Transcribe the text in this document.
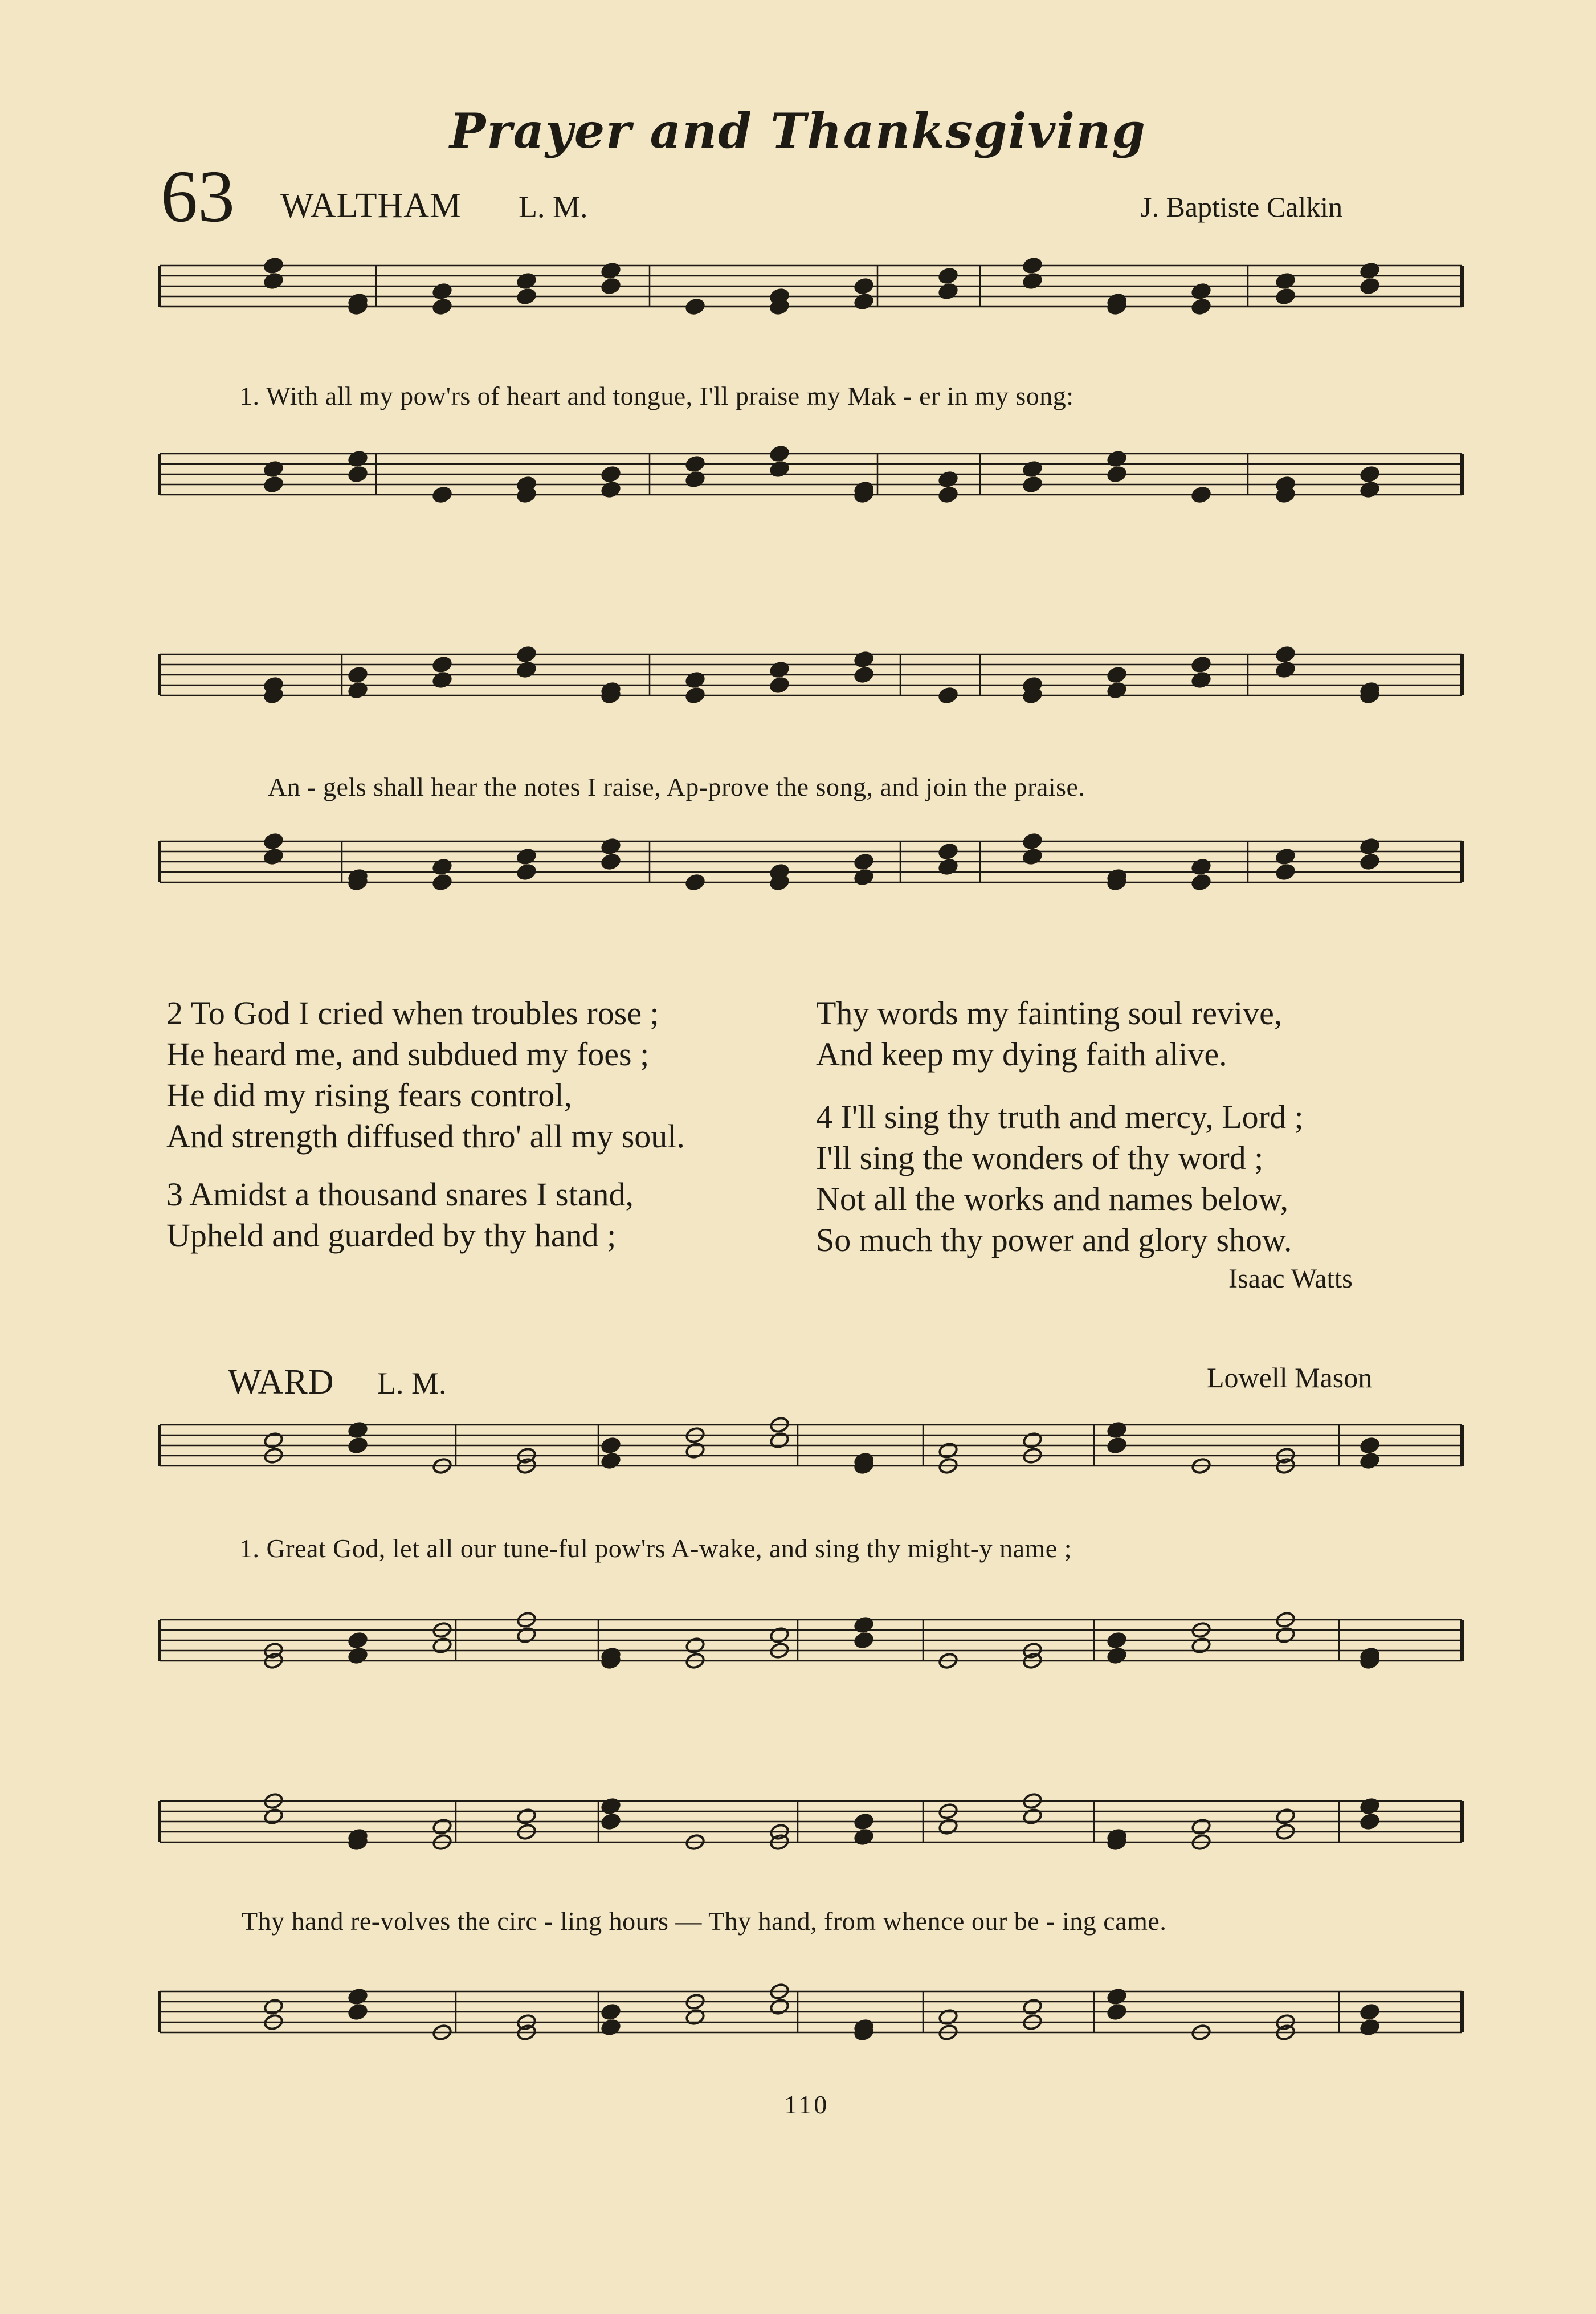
Prayer and Thanksgiving
63 WALTHAM L. M.	J. Baptiste Calkin
1. With all my pow'rs of heart and tongue, I'll praise my Mak - er in my song:
An - gels shall hear the notes I raise, Ap-prove the song, and join the praise.
2 To God I cried when troubles rose ;
He heard me, and subdued my foes ;
He did my rising fears control,
And strength diffused thro' all my soul.
3 Amidst a thousand snares I stand,
Upheld and guarded by thy hand ;
Thy words my fainting soul revive,
And keep my dying faith alive.
4 I'll sing thy truth and mercy, Lord ;
I'll sing the wonders of thy word ;
Not all the works and names below,
So much thy power and glory show.
Isaac Watts
WARD L. M.	Lowell Mason
1. Great God, let all our tune-ful pow'rs A-wake, and sing thy might-y name ;
Thy hand re-volves the circ - ling hours — Thy hand, from whence our be - ing came.
110
